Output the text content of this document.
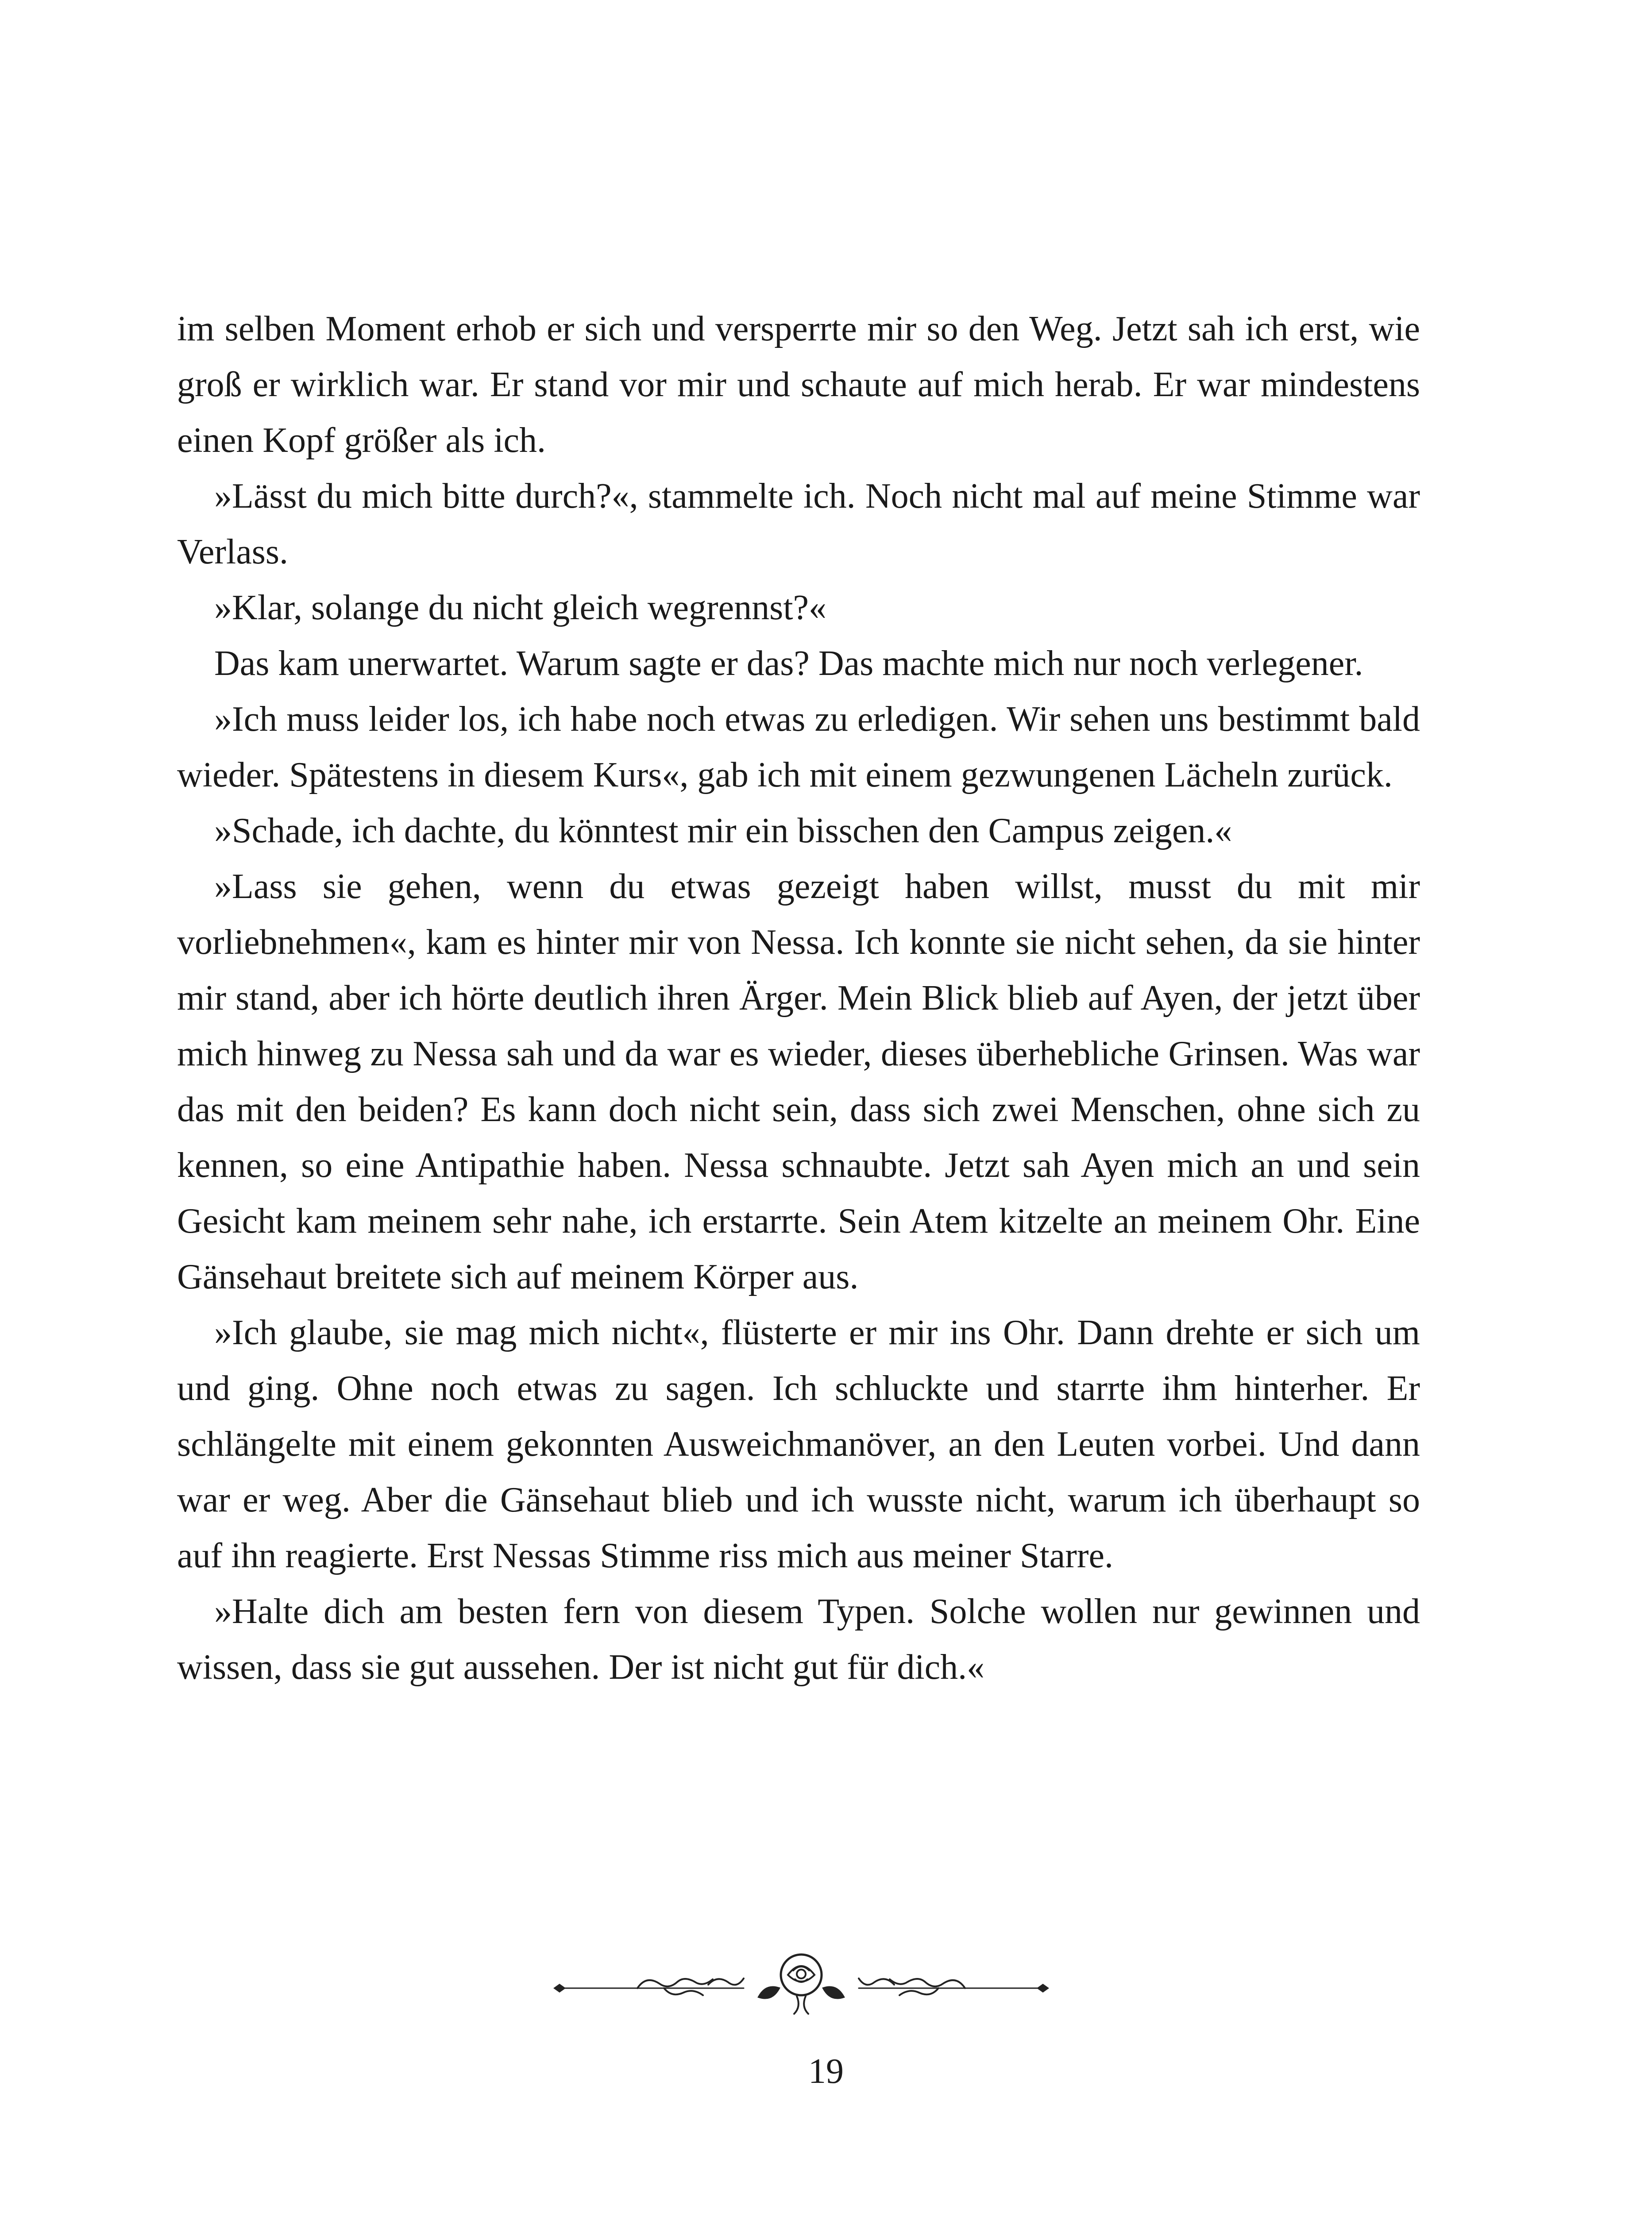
im selben Moment erhob er sich und versperrte mir so den Weg. Jetzt sah ich erst, wie groß er wirklich war. Er stand vor mir und schaute auf mich herab. Er war mindestens einen Kopf größer als ich.

»Lässt du mich bitte durch?«, stammelte ich. Noch nicht mal auf meine Stimme war Verlass.

»Klar, solange du nicht gleich wegrennst?«

Das kam unerwartet. Warum sagte er das? Das machte mich nur noch verlegener.

»Ich muss leider los, ich habe noch etwas zu erledigen. Wir sehen uns bestimmt bald wieder. Spätestens in diesem Kurs«, gab ich mit einem gezwungenen Lächeln zurück.

»Schade, ich dachte, du könntest mir ein bisschen den Campus zeigen.«

»Lass sie gehen, wenn du etwas gezeigt haben willst, musst du mit mir vorliebnehmen«, kam es hinter mir von Nessa. Ich konnte sie nicht sehen, da sie hinter mir stand, aber ich hörte deutlich ihren Ärger. Mein Blick blieb auf Ayen, der jetzt über mich hinweg zu Nessa sah und da war es wieder, dieses überhebliche Grinsen. Was war das mit den beiden? Es kann doch nicht sein, dass sich zwei Menschen, ohne sich zu kennen, so eine Antipathie haben. Nessa schnaubte. Jetzt sah Ayen mich an und sein Gesicht kam meinem sehr nahe, ich erstarrte. Sein Atem kitzelte an meinem Ohr. Eine Gänsehaut breitete sich auf meinem Körper aus.

»Ich glaube, sie mag mich nicht«, flüsterte er mir ins Ohr. Dann drehte er sich um und ging. Ohne noch etwas zu sagen. Ich schluckte und starrte ihm hinterher. Er schlängelte mit einem gekonnten Ausweichmanöver, an den Leuten vorbei. Und dann war er weg. Aber die Gänsehaut blieb und ich wusste nicht, warum ich überhaupt so auf ihn reagierte. Erst Nessas Stimme riss mich aus meiner Starre.

»Halte dich am besten fern von diesem Typen. Solche wollen nur gewinnen und wissen, dass sie gut aussehen. Der ist nicht gut für dich.«

19
